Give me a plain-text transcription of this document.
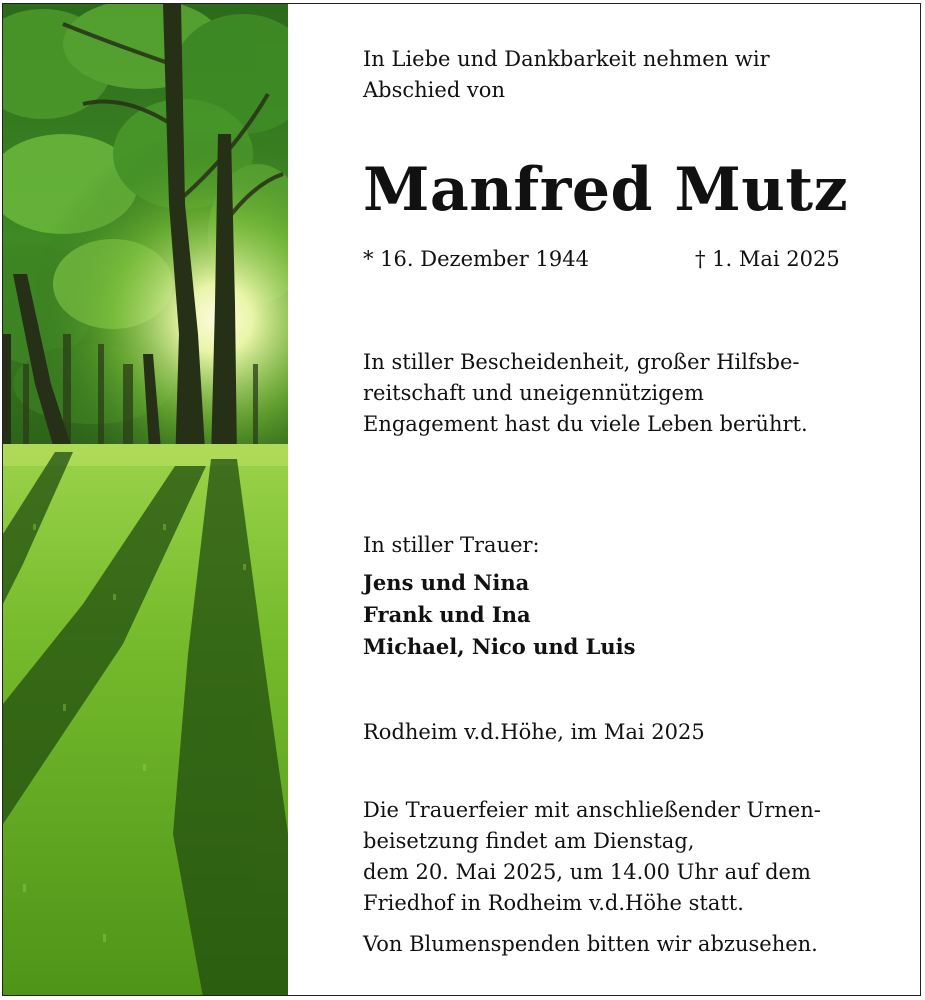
In Liebe und Dankbarkeit nehmen wir
Abschied von
Manfred Mutz
* 16. Dezember 1944	† 1. Mai 2025
In stiller Bescheidenheit, großer Hilfsbe-
reitschaft und uneigennützigem
Engagement hast du viele Leben berührt.
In stiller Trauer:
Jens und Nina
Frank und Ina
Michael, Nico und Luis
Rodheim v.d.Höhe, im Mai 2025
Die Trauerfeier mit anschließender Urnen-
beisetzung findet am Dienstag,
dem 20. Mai 2025, um 14.00 Uhr auf dem
Friedhof in Rodheim v.d.Höhe statt.
Von Blumenspenden bitten wir abzusehen.
